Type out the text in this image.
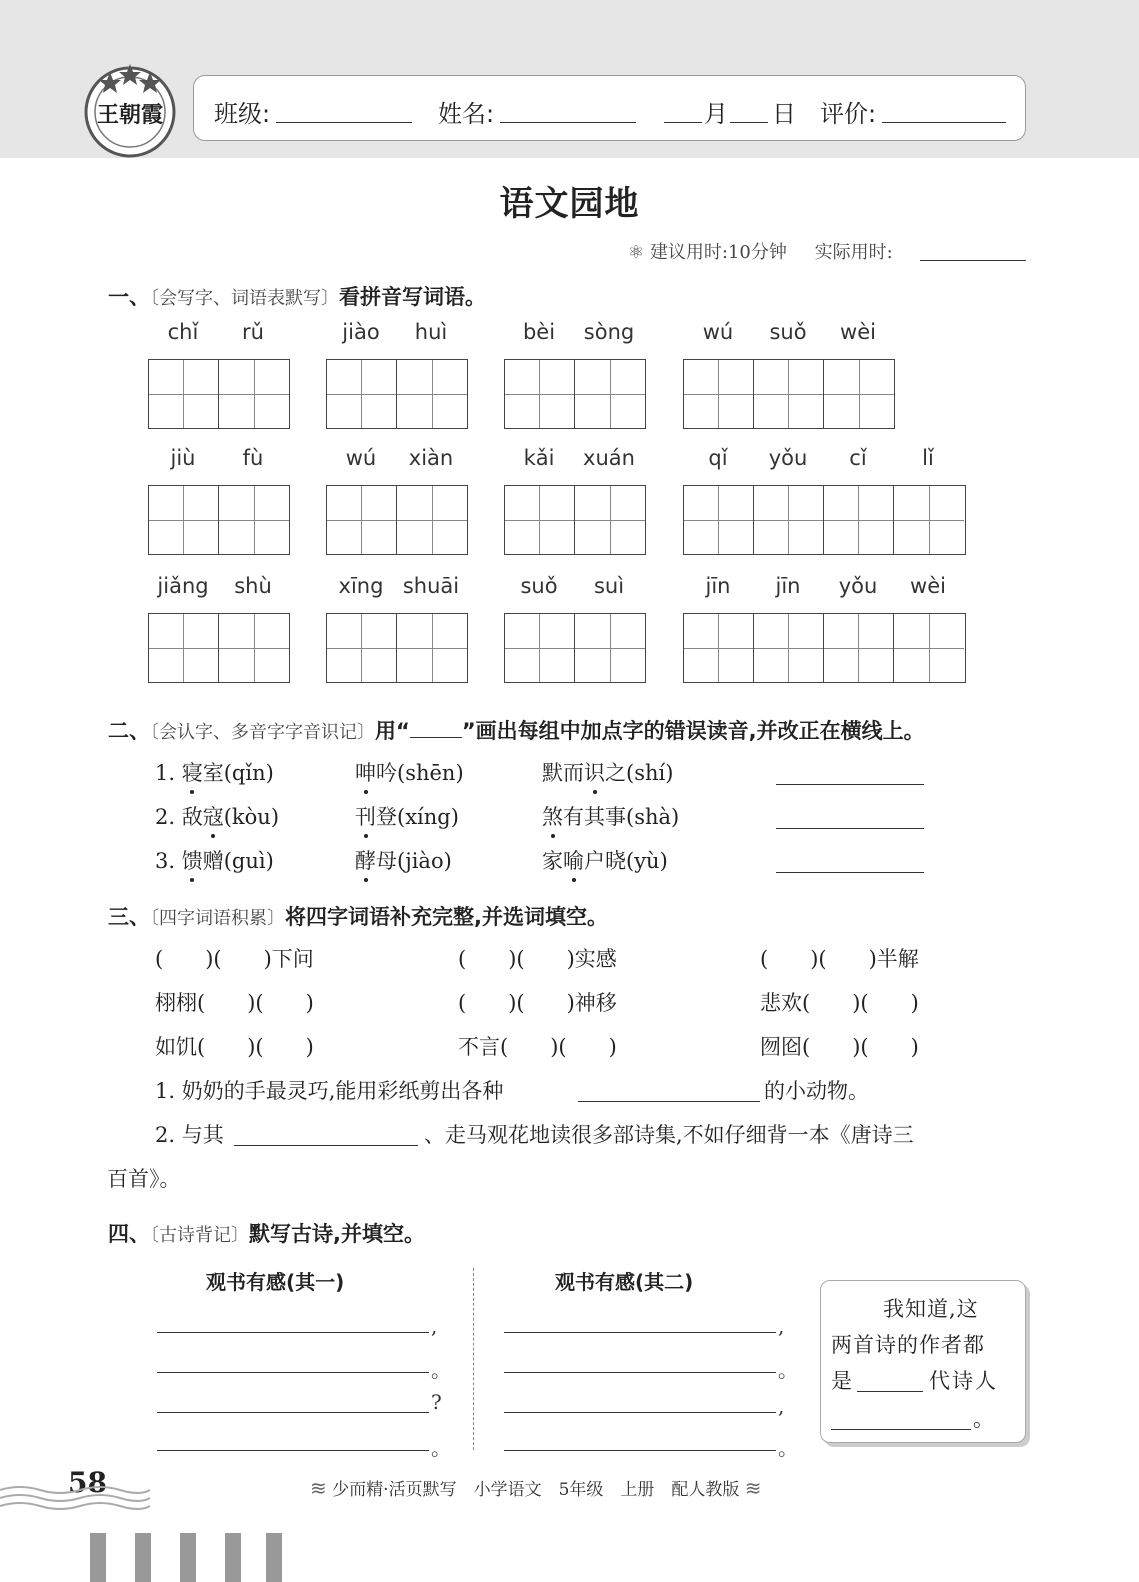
王朝霞	班级:	姓名:	月 日 评价:
语文园地
⚛ 建议用时:10分钟 实际用时:
一、〔会写字、词语表默写〕看拼音写词语。
chǐ	rǔ	jiào	huì	bèi	sòng	wú	suǒ	wèi
jiù	fù	wú	xiàn	kǎi	xuán	qǐ	yǒu	cǐ	lǐ
jiǎng	shù	xīng shuāi	suǒ	suì	jīn	jīn	yǒu	wèi
二、〔会认字、多音字字音识记〕用“ ”画出每组中加点字的错误读音,并改正在横线上。
1. 寝室(qǐn)	呻吟(shēn)	默而识之(shí)
2. 敌寇(kòu)	刊登(xíng)	煞有其事(shà)
3. 馈赠(guì)	酵母(jiào)	家喻户晓(yù)
三、〔四字词语积累〕将四字词语补充完整,并选词填空。
(　　)(　　)下问	(　　)(　　)实感	(　　)(　　)半解
栩栩(　　)(　　)	(　　)(　　)神移	悲欢(　　)(　　)
如饥(　　)(　　)	不言(　　)(　　)	囫囵(　　)(　　)
1. 奶奶的手最灵巧,能用彩纸剪出各种	的小动物。
2. 与其	、走马观花地读很多部诗集,不如仔细背一本《唐诗三
百首》。
四、〔古诗背记〕默写古诗,并填空。
观书有感(其一)	观书有感(其二)
,
。
?
。
,
。
,
。
我知道,这
两首诗的作者都
是	代诗人
。
58	≋ 少而精·活页默写　小学语文　5年级　上册　配人教版 ≋
